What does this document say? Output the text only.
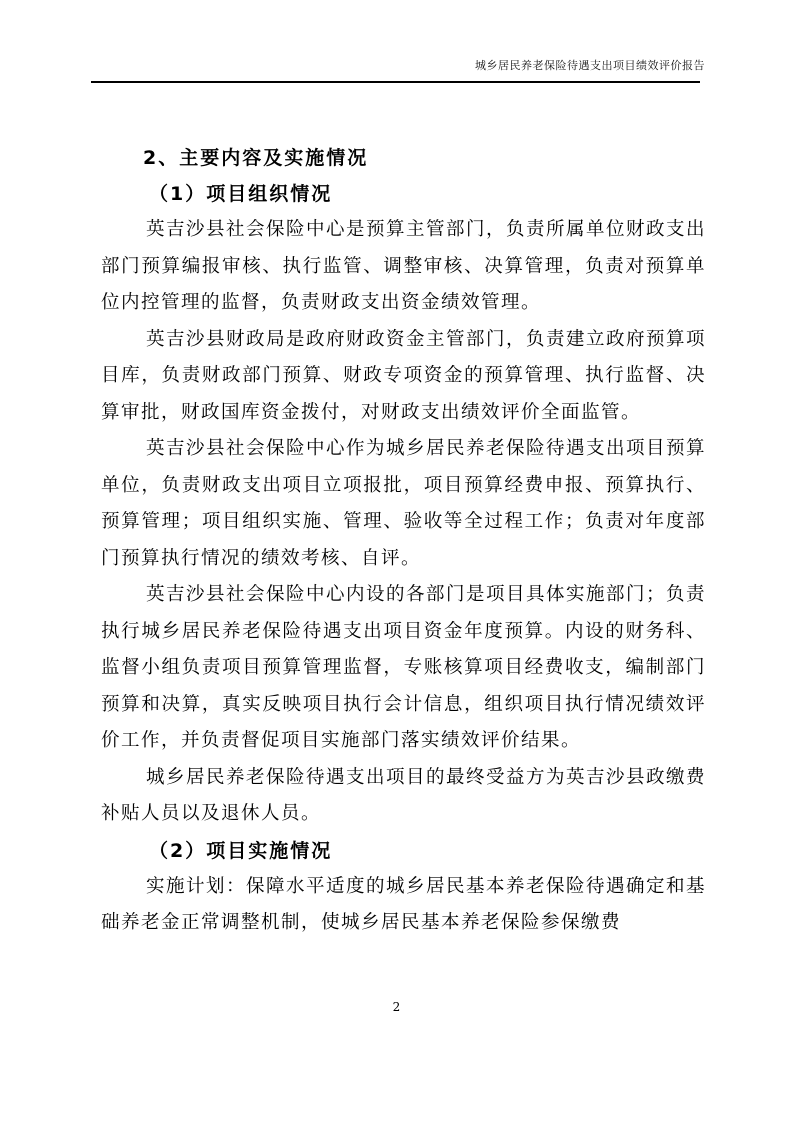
城乡居民养老保险待遇支出项目绩效评价报告
2、主要内容及实施情况
（1）项目组织情况

英吉沙县社会保险中心是预算主管部门，负责所属单位财政支出部门预算编报审核、执行监管、调整审核、决算管理，负责对预算单位内控管理的监督，负责财政支出资金绩效管理。

英吉沙县财政局是政府财政资金主管部门，负责建立政府预算项目库，负责财政部门预算、财政专项资金的预算管理、执行监督、决算审批，财政国库资金拨付，对财政支出绩效评价全面监管。

英吉沙县社会保险中心作为城乡居民养老保险待遇支出项目预算单位，负责财政支出项目立项报批，项目预算经费申报、预算执行、预算管理；项目组织实施、管理、验收等全过程工作；负责对年度部门预算执行情况的绩效考核、自评。

英吉沙县社会保险中心内设的各部门是项目具体实施部门；负责执行城乡居民养老保险待遇支出项目资金年度预算。内设的财务科、监督小组负责项目预算管理监督，专账核算项目经费收支，编制部门预算和决算，真实反映项目执行会计信息，组织项目执行情况绩效评价工作，并负责督促项目实施部门落实绩效评价结果。

城乡居民养老保险待遇支出项目的最终受益方为英吉沙县政缴费补贴人员以及退休人员。

（2）项目实施情况

实施计划：保障水平适度的城乡居民基本养老保险待遇确定和基础养老金正常调整机制，使城乡居民基本养老保险参保缴费

2
